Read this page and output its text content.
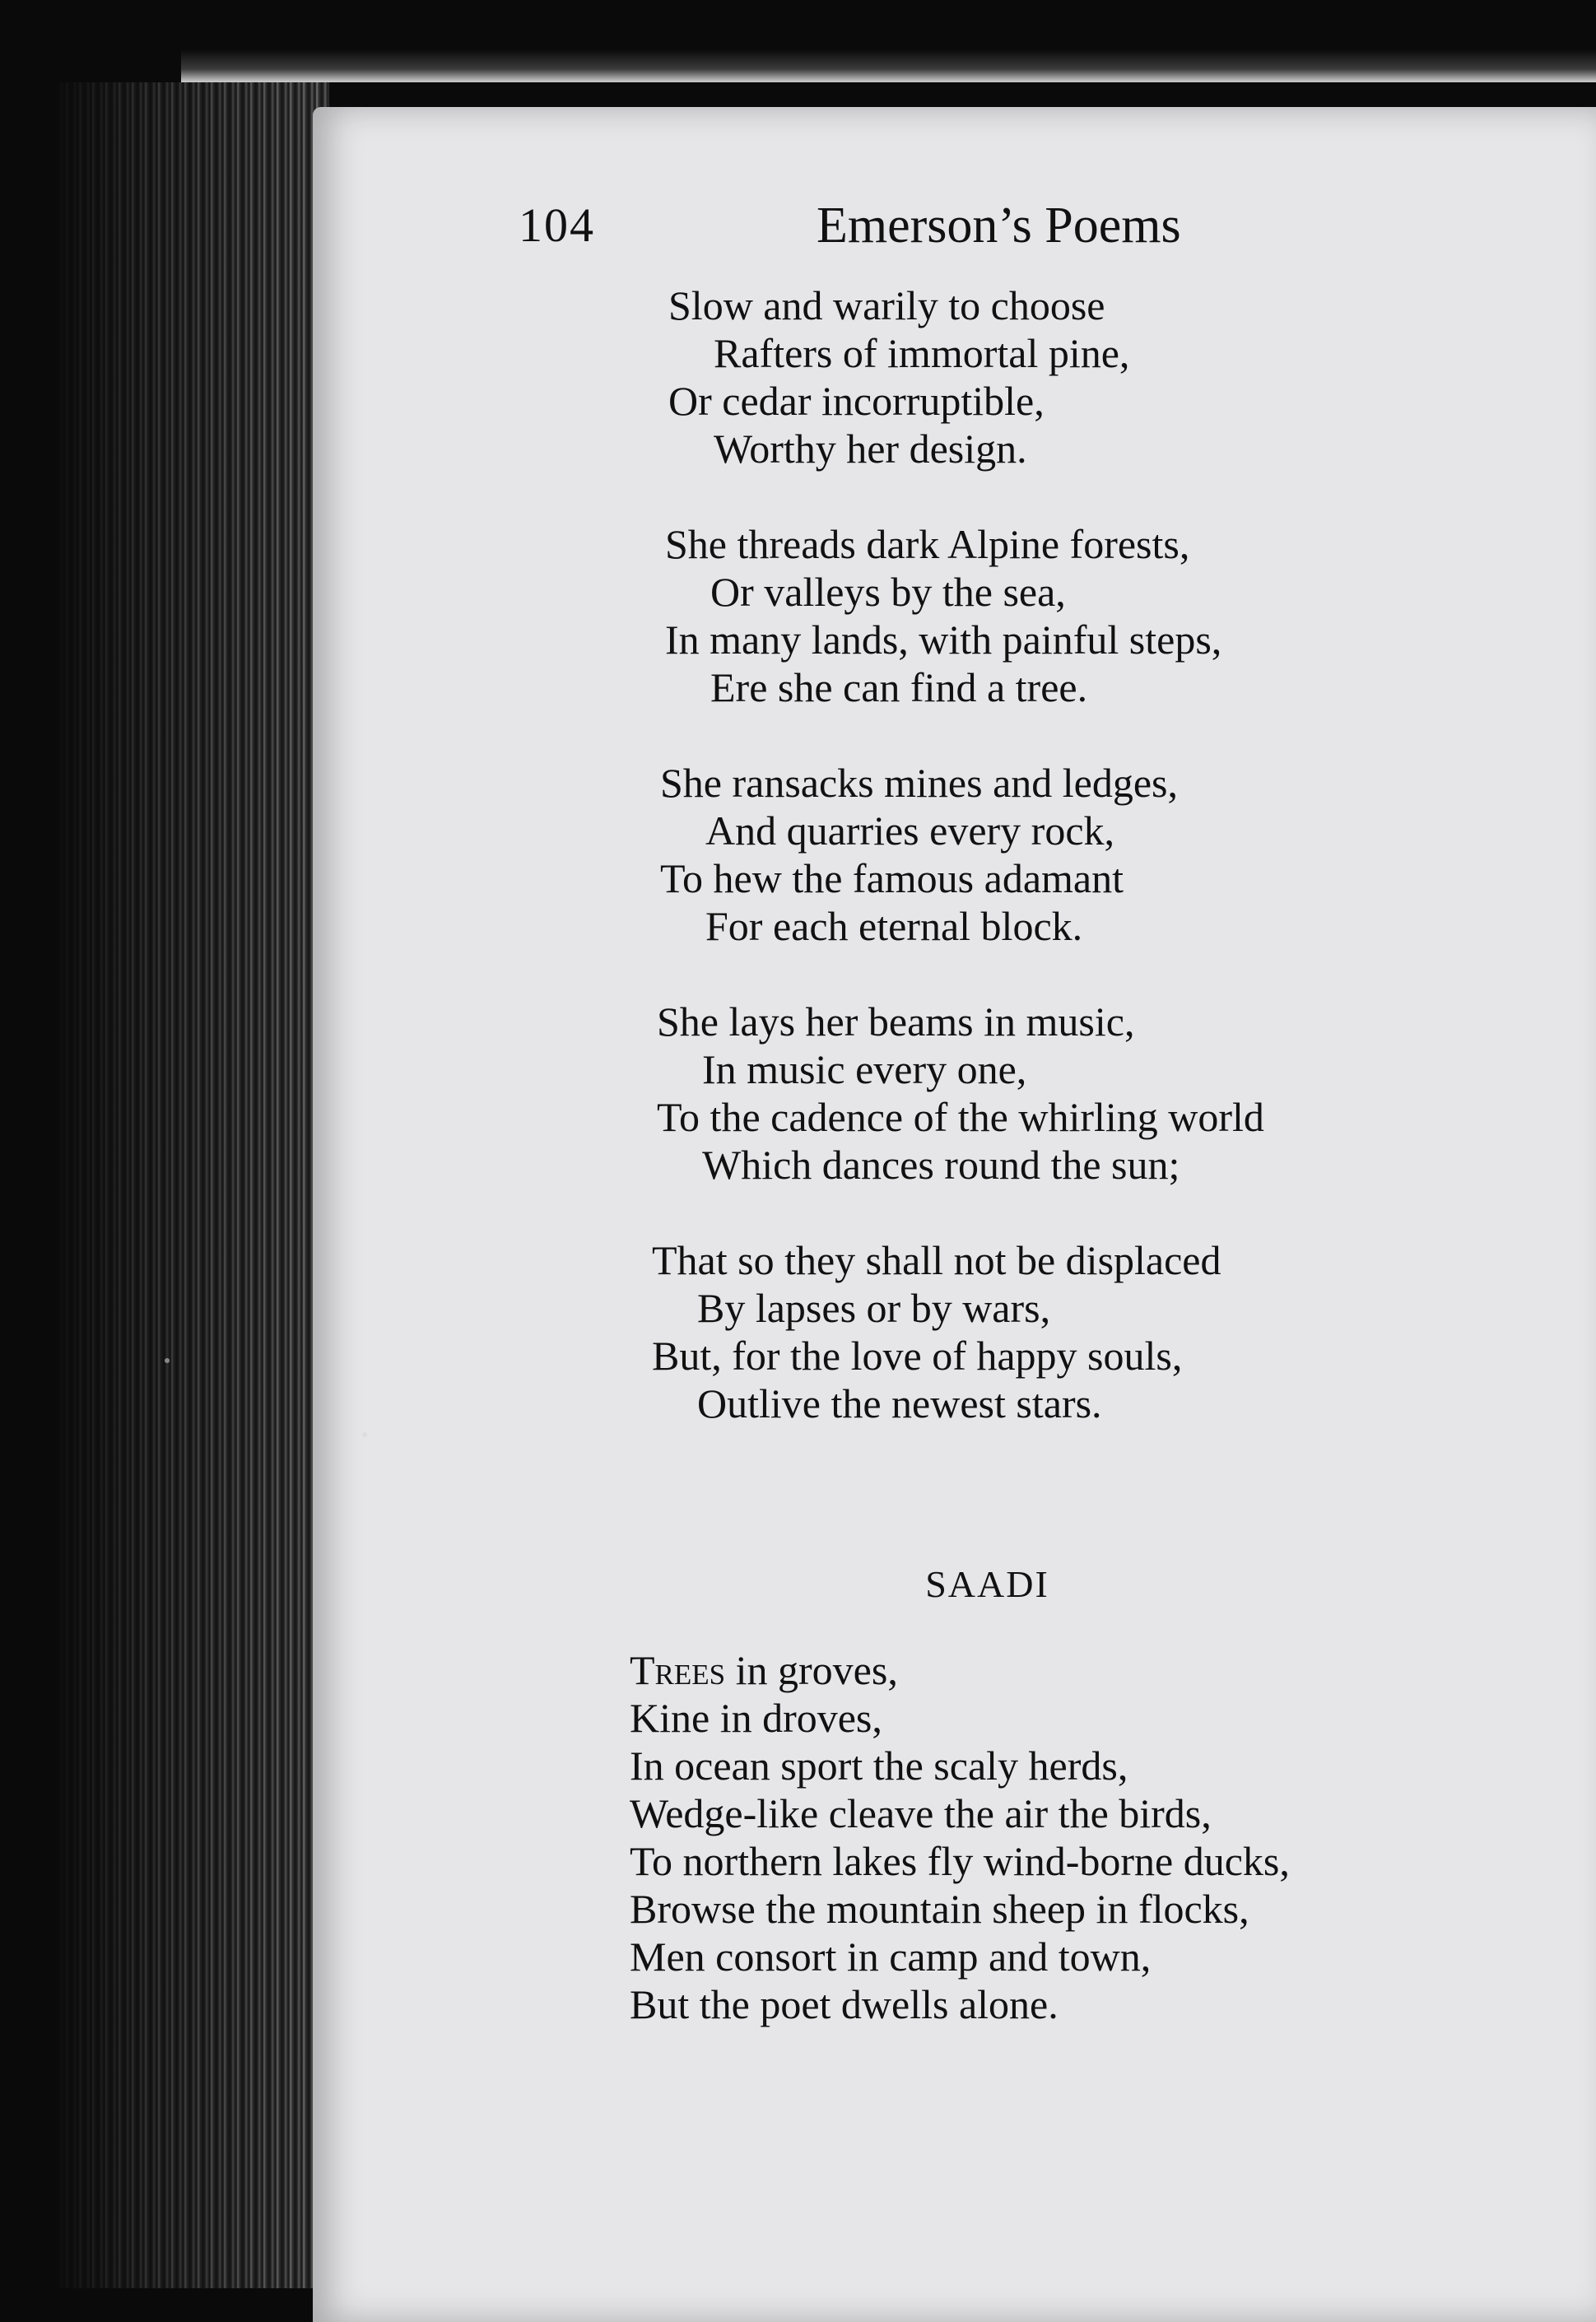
104	Emerson’s Poems
Slow and warily to choose
Rafters of immortal pine,
Or cedar incorruptible,
Worthy her design.
She threads dark Alpine forests,
Or valleys by the sea,
In many lands, with painful steps,
Ere she can find a tree.
She ransacks mines and ledges,
And quarries every rock,
To hew the famous adamant
For each eternal block.
She lays her beams in music,
In music every one,
To the cadence of the whirling world
Which dances round the sun;
That so they shall not be displaced
By lapses or by wars,
But, for the love of happy souls,
Outlive the newest stars.
SAADI
Trees in groves,
Kine in droves,
In ocean sport the scaly herds,
Wedge-like cleave the air the birds,
To northern lakes fly wind-borne ducks,
Browse the mountain sheep in flocks,
Men consort in camp and town,
But the poet dwells alone.
